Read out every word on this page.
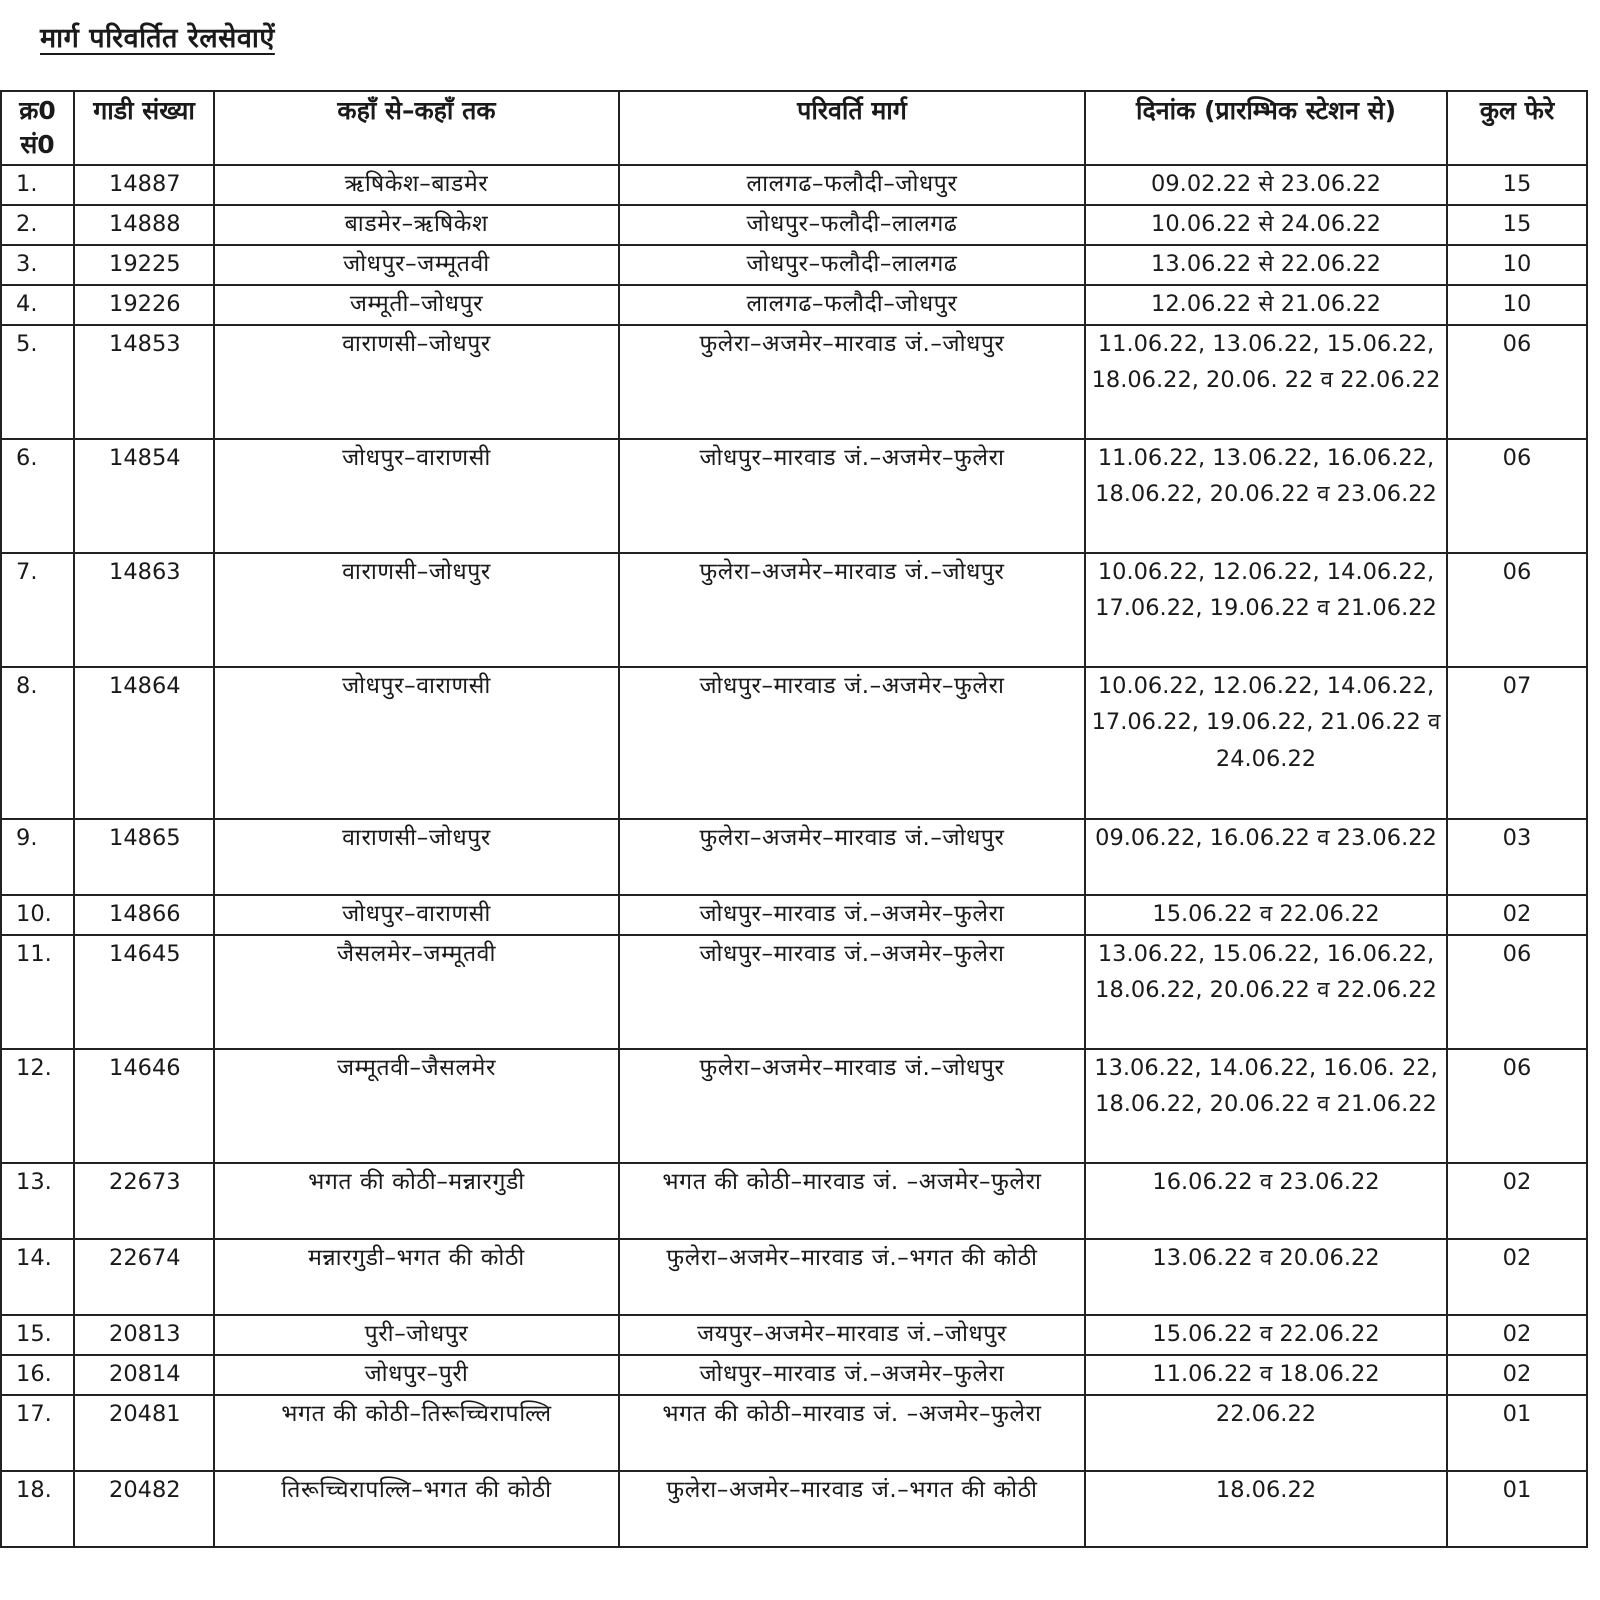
मार्ग परिवर्तित रेलसेवाऐं
क्र0 सं0	गाडी संख्या	कहाँ से–कहाँ तक	परिवर्ति मार्ग	दिनांक (प्रारम्भिक स्टेशन से)	कुल फेरे
1.	14887	ऋषिकेश–बाडमेर	लालगढ–फलौदी–जोधपुर	09.02.22 से 23.06.22	15
2.	14888	बाडमेर–ऋषिकेश	जोधपुर–फलौदी–लालगढ	10.06.22 से 24.06.22	15
3.	19225	जोधपुर–जम्मूतवी	जोधपुर–फलौदी–लालगढ	13.06.22 से 22.06.22	10
4.	19226	जम्मूती–जोधपुर	लालगढ–फलौदी–जोधपुर	12.06.22 से 21.06.22	10
5.	14853	वाराणसी–जोधपुर	फुलेरा–अजमेर–मारवाड जं.–जोधपुर	11.06.22, 13.06.22, 15.06.22, 18.06.22, 20.06. 22 व 22.06.22	06
6.	14854	जोधपुर–वाराणसी	जोधपुर–मारवाड जं.–अजमेर–फुलेरा	11.06.22, 13.06.22, 16.06.22, 18.06.22, 20.06.22 व 23.06.22	06
7.	14863	वाराणसी–जोधपुर	फुलेरा–अजमेर–मारवाड जं.–जोधपुर	10.06.22, 12.06.22, 14.06.22, 17.06.22, 19.06.22 व 21.06.22	06
8.	14864	जोधपुर–वाराणसी	जोधपुर–मारवाड जं.–अजमेर–फुलेरा	10.06.22, 12.06.22, 14.06.22, 17.06.22, 19.06.22, 21.06.22 व 24.06.22	07
9.	14865	वाराणसी–जोधपुर	फुलेरा–अजमेर–मारवाड जं.–जोधपुर	09.06.22, 16.06.22 व 23.06.22	03
10.	14866	जोधपुर–वाराणसी	जोधपुर–मारवाड जं.–अजमेर–फुलेरा	15.06.22 व 22.06.22	02
11.	14645	जैसलमेर–जम्मूतवी	जोधपुर–मारवाड जं.–अजमेर–फुलेरा	13.06.22, 15.06.22, 16.06.22, 18.06.22, 20.06.22 व 22.06.22	06
12.	14646	जम्मूतवी–जैसलमेर	फुलेरा–अजमेर–मारवाड जं.–जोधपुर	13.06.22, 14.06.22, 16.06. 22, 18.06.22, 20.06.22 व 21.06.22	06
13.	22673	भगत की कोठी–मन्नारगुडी	भगत की कोठी–मारवाड जं. –अजमेर–फुलेरा	16.06.22 व 23.06.22	02
14.	22674	मन्नारगुडी–भगत की कोठी	फुलेरा–अजमेर–मारवाड जं.–भगत की कोठी	13.06.22 व 20.06.22	02
15.	20813	पुरी–जोधपुर	जयपुर–अजमेर–मारवाड जं.–जोधपुर	15.06.22 व 22.06.22	02
16.	20814	जोधपुर–पुरी	जोधपुर–मारवाड जं.–अजमेर–फुलेरा	11.06.22 व 18.06.22	02
17.	20481	भगत की कोठी–तिरूच्चिरापल्लि	भगत की कोठी–मारवाड जं. –अजमेर–फुलेरा	22.06.22	01
18.	20482	तिरूच्चिरापल्लि–भगत की कोठी	फुलेरा–अजमेर–मारवाड जं.–भगत की कोठी	18.06.22	01
